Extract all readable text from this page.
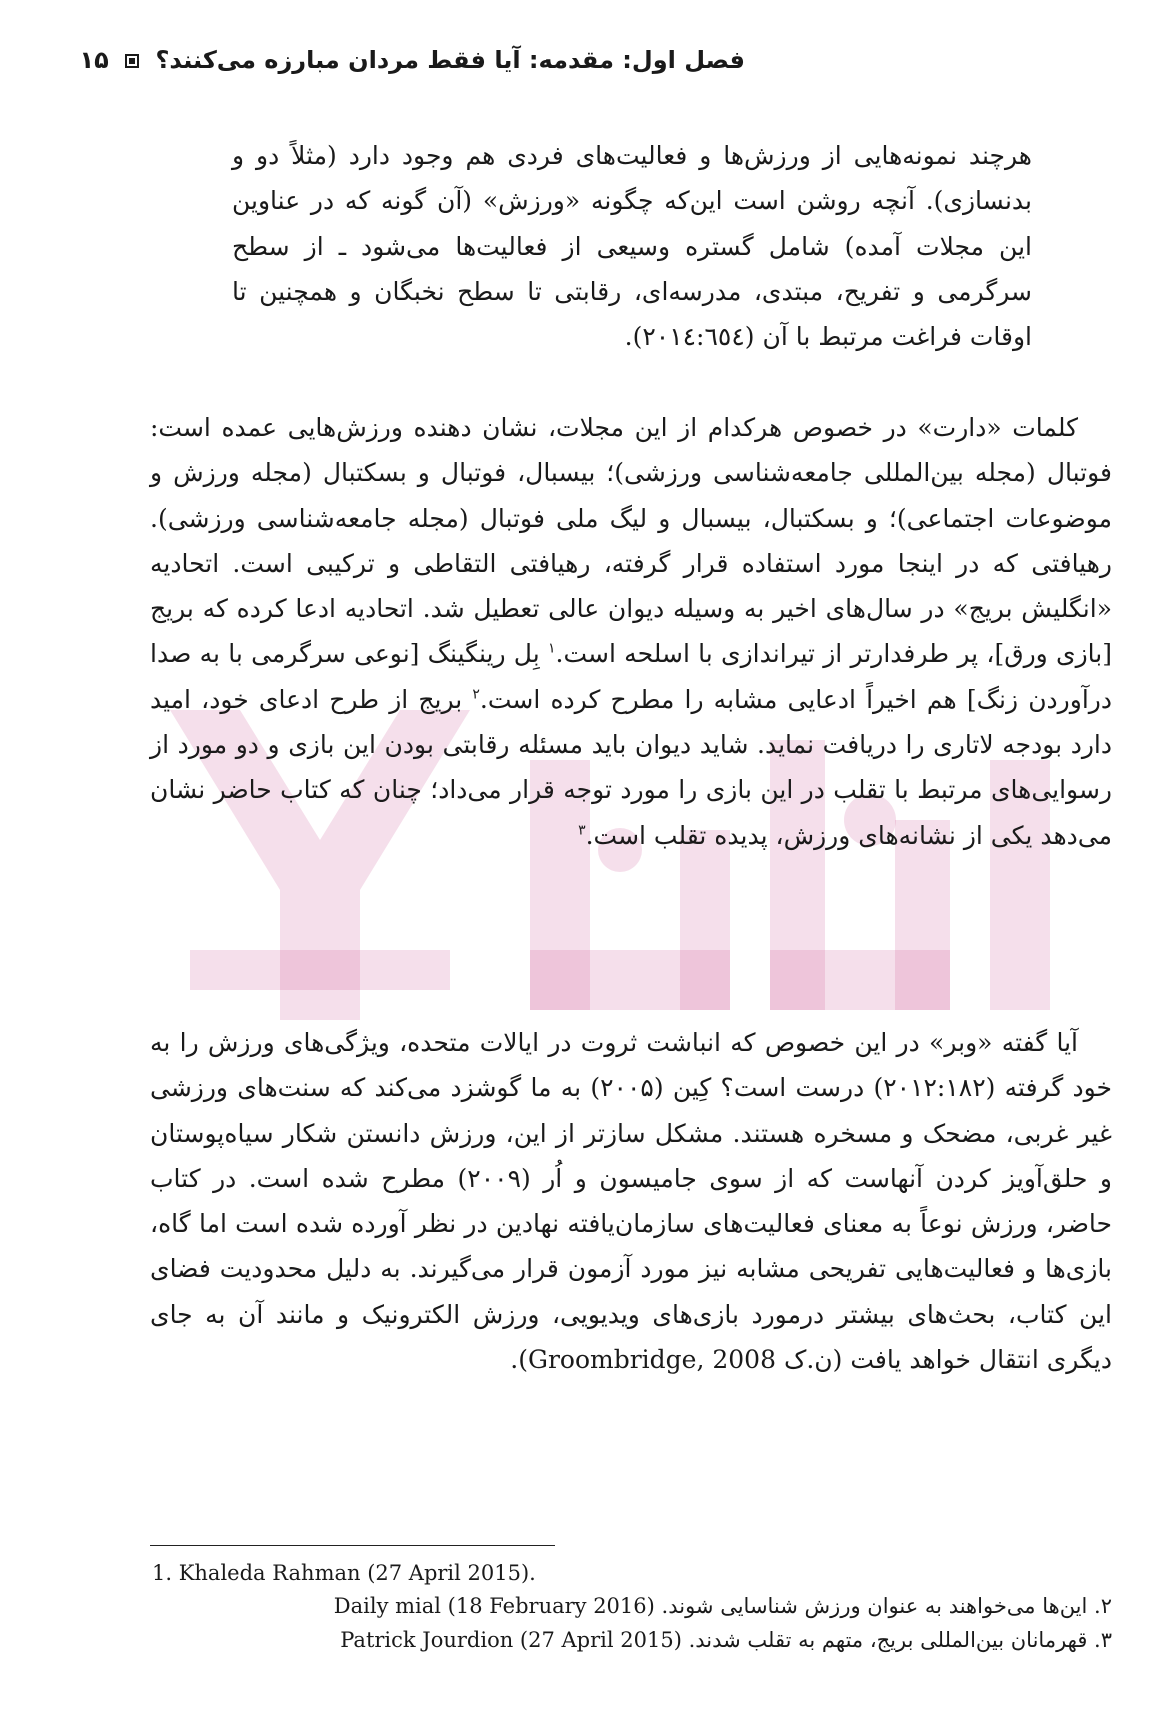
فصل اول: مقدمه: آیا فقط مردان مبارزه می‌کنند؟  ۱۵

هرچند نمونه‌هایی از ورزش‌ها و فعالیت‌های فردی هم وجود دارد (مثلاً دو و بدنسازی). آنچه روشن است این‌که چگونه «ورزش» (آن گونه که در عناوین این مجلات آمده) شامل گستره وسیعی از فعالیت‌ها می‌شود ـ از سطح سرگرمی و تفریح، مبتدی، مدرسه‌ای، رقابتی تا سطح نخبگان و همچنین تا اوقات فراغت مرتبط با آن (۲۰۱٤:٦٥٤).

کلمات «دارت» در خصوص هرکدام از این مجلات، نشان دهنده ورزش‌هایی عمده است: فوتبال (مجله بین‌المللی جامعه‌شناسی ورزشی)؛ بیسبال، فوتبال و بسکتبال (مجله ورزش و موضوعات اجتماعی)؛ و بسکتبال، بیسبال و لیگ ملی فوتبال (مجله جامعه‌شناسی ورزشی). رهیافتی که در اینجا مورد استفاده قرار گرفته، رهیافتی التقاطی و ترکیبی است. اتحادیه «انگلیش بریج» در سال‌های اخیر به وسیله دیوان عالی تعطیل شد. اتحادیه ادعا کرده که بریج [بازی ورق]، پر طرفدارتر از تیراندازی با اسلحه است.$^۱$ بِل رینگینگ [نوعی سرگرمی با به صدا درآوردن زنگ] هم اخیراً ادعایی مشابه را مطرح کرده است.$^۲$ بریج از طرح ادعای خود، امید دارد بودجه لاتاری را دریافت نماید. شاید دیوان باید مسئله رقابتی بودن این بازی و دو مورد از رسوایی‌های مرتبط با تقلب در این بازی را مورد توجه قرار می‌داد؛ چنان که کتاب حاضر نشان می‌دهد یکی از نشانه‌های ورزش، پدیده تقلب است.$^۳$

آیا گفته «وبر» در این خصوص که انباشت ثروت در ایالات متحده، ویژگی‌های ورزش را به خود گرفته (۲۰۱۲:۱۸۲) درست است؟ کِین (۲۰۰۵) به ما گوشزد می‌کند که سنت‌های ورزشی غیر غربی، مضحک و مسخره هستند. مشکل سازتر از این، ورزش دانستن شکار سیاه‌پوستان و حلق‌آویز کردن آنهاست که از سوی جامیسون و اُر (۲۰۰۹) مطرح شده است. در کتاب حاضر، ورزش نوعاً به معنای فعالیت‌های سازمان‌یافته نهادین در نظر آورده شده است اما گاه، بازی‌ها و فعالیت‌هایی تفریحی مشابه نیز مورد آزمون قرار می‌گیرند. به دلیل محدودیت فضای این کتاب، بحث‌های بیشتر درمورد بازی‌های ویدیویی، ورزش الکترونیک و مانند آن به جای دیگری انتقال خواهد یافت (ن.ک Groombridge, 2008).

1. Khaleda Rahman (27 April 2015).
۲. این‌ها می‌خواهند به عنوان ورزش شناسایی شوند. Daily mial (18 February 2016)
۳. قهرمانان بین‌المللی بریج، متهم به تقلب شدند. Patrick Jourdion (27 April 2015)
